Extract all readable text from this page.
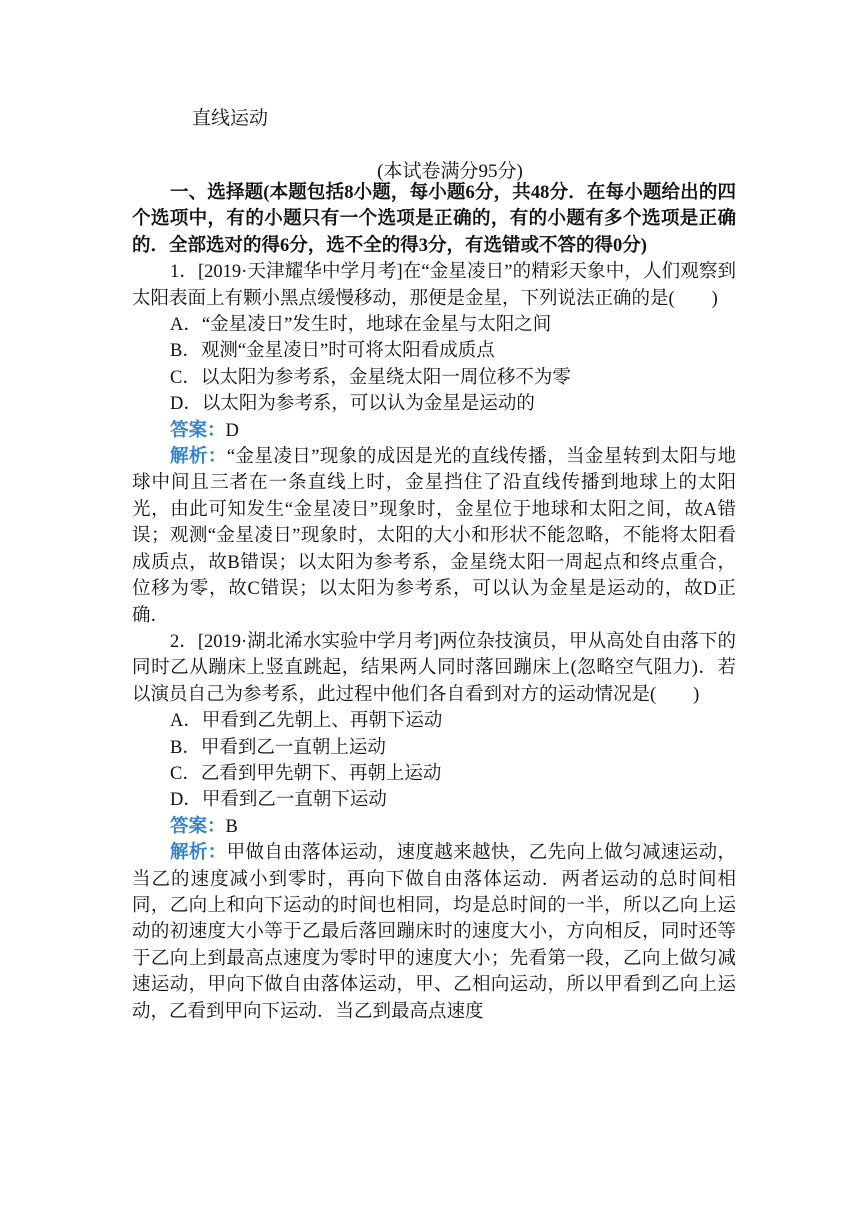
直线运动
(本试卷满分95分)

一、选择题(本题包括8小题，每小题6分，共48分．在每小题给出的四个选项中，有的小题只有一个选项是正确的，有的小题有多个选项是正确的．全部选对的得6分，选不全的得3分，有选错或不答的得0分)

1．[2019·天津耀华中学月考]在“金星凌日”的精彩天象中，人们观察到太阳表面上有颗小黑点缓慢移动，那便是金星，下列说法正确的是(　　)

A．“金星凌日”发生时，地球在金星与太阳之间
B．观测“金星凌日”时可将太阳看成质点
C．以太阳为参考系，金星绕太阳一周位移不为零
D．以太阳为参考系，可以认为金星是运动的
答案：D

解析：“金星凌日”现象的成因是光的直线传播，当金星转到太阳与地球中间且三者在一条直线上时，金星挡住了沿直线传播到地球上的太阳光，由此可知发生“金星凌日”现象时，金星位于地球和太阳之间，故A错误；观测“金星凌日”现象时，太阳的大小和形状不能忽略，不能将太阳看成质点，故B错误；以太阳为参考系，金星绕太阳一周起点和终点重合，位移为零，故C错误；以太阳为参考系，可以认为金星是运动的，故D正确．

2．[2019·湖北浠水实验中学月考]两位杂技演员，甲从高处自由落下的同时乙从蹦床上竖直跳起，结果两人同时落回蹦床上(忽略空气阻力)．若以演员自己为参考系，此过程中他们各自看到对方的运动情况是(　　)

A．甲看到乙先朝上、再朝下运动
B．甲看到乙一直朝上运动
C．乙看到甲先朝下、再朝上运动
D．甲看到乙一直朝下运动
答案：B

解析：甲做自由落体运动，速度越来越快，乙先向上做匀减速运动，当乙的速度减小到零时，再向下做自由落体运动．两者运动的总时间相同，乙向上和向下运动的时间也相同，均是总时间的一半，所以乙向上运动的初速度大小等于乙最后落回蹦床时的速度大小，方向相反，同时还等于乙向上到最高点速度为零时甲的速度大小；先看第一段，乙向上做匀减速运动，甲向下做自由落体运动，甲、乙相向运动，所以甲看到乙向上运动，乙看到甲向下运动．当乙到最高点速度
